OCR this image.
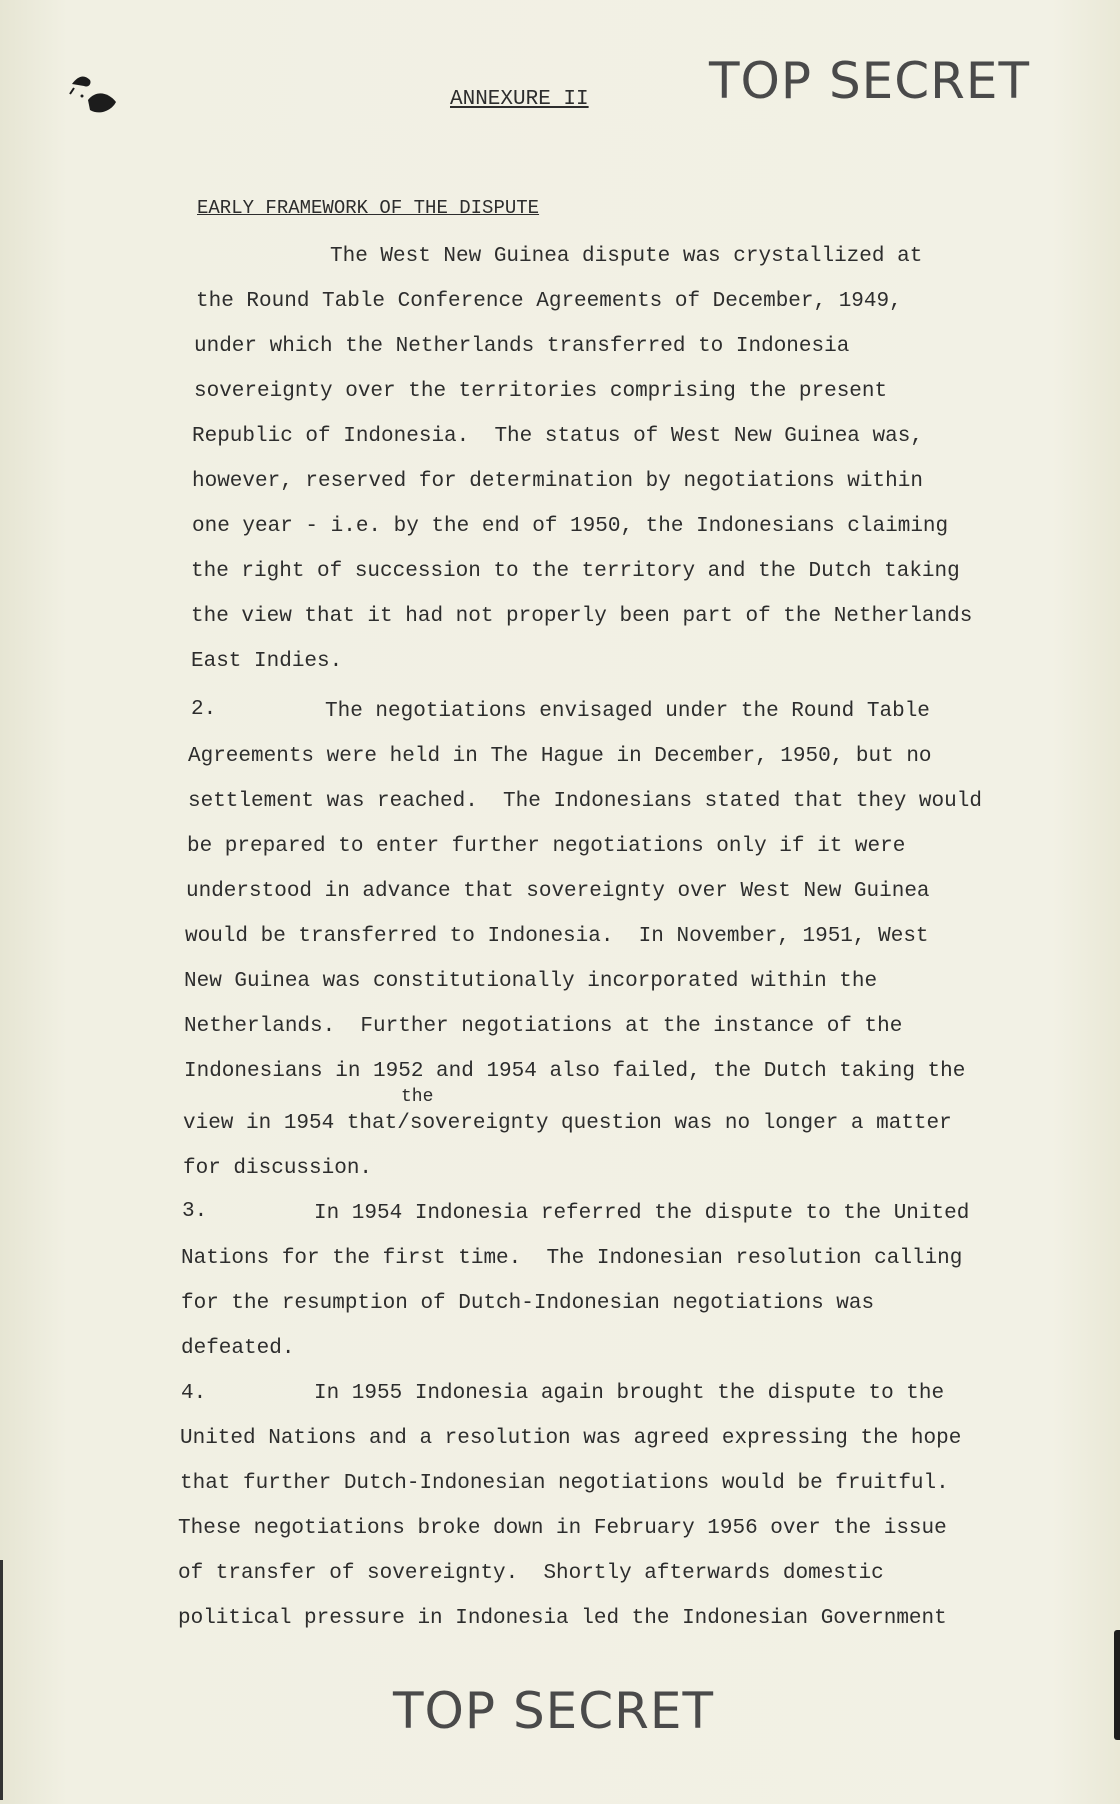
TOP SECRET
ANNEXURE II
EARLY FRAMEWORK OF THE DISPUTE
The West New Guinea dispute was crystallized at
the Round Table Conference Agreements of December, 1949,
under which the Netherlands transferred to Indonesia
sovereignty over the territories comprising the present
Republic of Indonesia.  The status of West New Guinea was,
however, reserved for determination by negotiations within
one year - i.e. by the end of 1950, the Indonesians claiming
the right of succession to the territory and the Dutch taking
the view that it had not properly been part of the Netherlands
East Indies.
2.	The negotiations envisaged under the Round Table
Agreements were held in The Hague in December, 1950, but no
settlement was reached.  The Indonesians stated that they would
be prepared to enter further negotiations only if it were
understood in advance that sovereignty over West New Guinea
would be transferred to Indonesia.  In November, 1951, West
New Guinea was constitutionally incorporated within the
Netherlands.  Further negotiations at the instance of the
Indonesians in 1952 and 1954 also failed, the Dutch taking the
the
view in 1954 that/sovereignty question was no longer a matter
for discussion.
3.	In 1954 Indonesia referred the dispute to the United
Nations for the first time.  The Indonesian resolution calling
for the resumption of Dutch-Indonesian negotiations was
defeated.
4.	In 1955 Indonesia again brought the dispute to the
United Nations and a resolution was agreed expressing the hope
that further Dutch-Indonesian negotiations would be fruitful.
These negotiations broke down in February 1956 over the issue
of transfer of sovereignty.  Shortly afterwards domestic
political pressure in Indonesia led the Indonesian Government
TOP SECRET
